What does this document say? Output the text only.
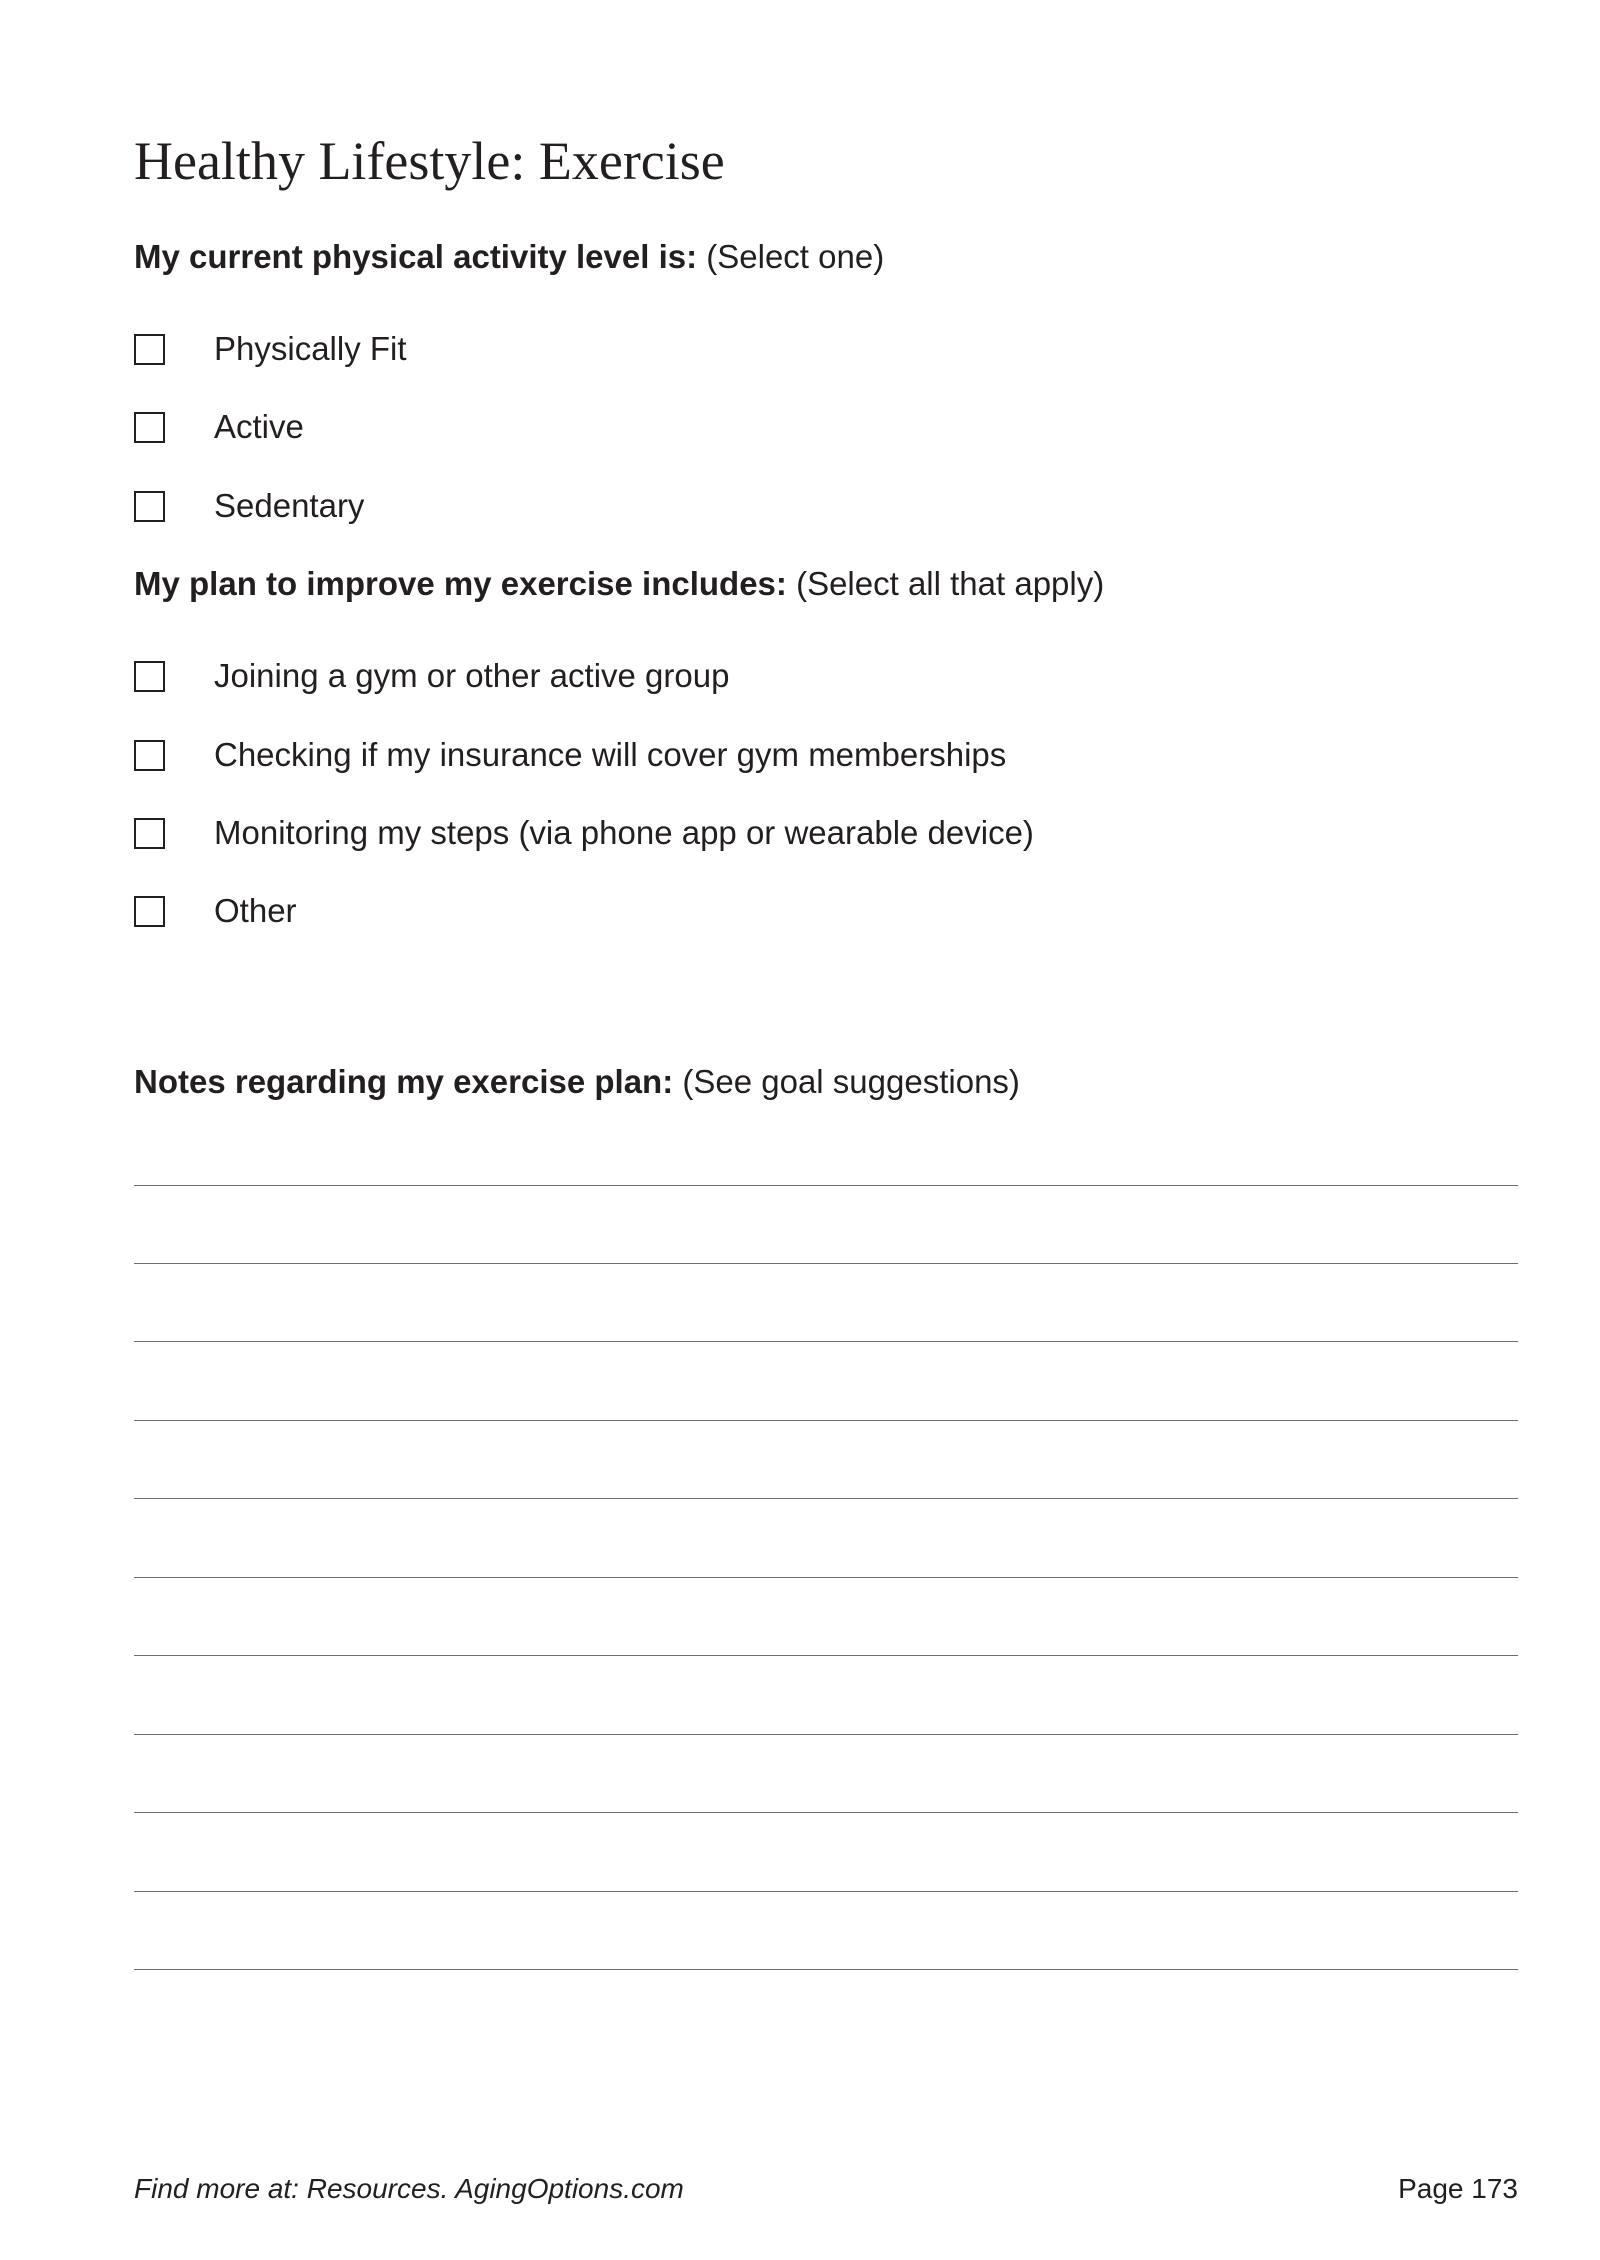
Healthy Lifestyle: Exercise
My current physical activity level is: (Select one)
Physically Fit
Active
Sedentary
My plan to improve my exercise includes: (Select all that apply)
Joining a gym or other active group
Checking if my insurance will cover gym memberships
Monitoring my steps (via phone app or wearable device)
Other
Notes regarding my exercise plan: (See goal suggestions)
Find more at: Resources. AgingOptions.com	Page 173
